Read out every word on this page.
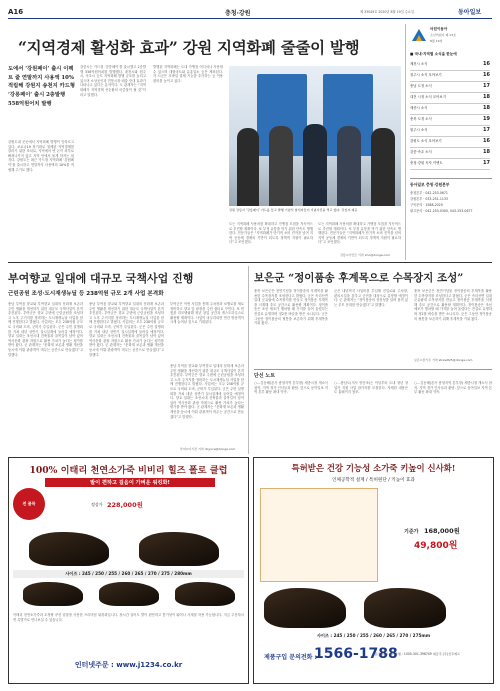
A16	충청·강원	제 33049호 2020년 8월 19일 수요일	동아일보
“지역경제 활성화 효과” 강원 지역화폐 줄줄이 발행
도에서 ‘강원페이’ 출시 이펙트 줄 연말까지 사용액 10% 적립해 강원지 송천지 카드형 ‘강릉페이’ 출시 2층발행 558억원어치 발행
강원도내 곳곳에서 지역화폐 발행이 잇따르고 있다. 코로나19 장기화로 침체된 지역경제를 살리기 위한 조치로, 지역에서 번 돈이 외부로 빠져나가지 않고 지역 안에서 돌게 하자는 취지다. 강원도는 최근 카드형 지역화폐 ‘강원페이’를 출시하고 연말까지 사용액의 10%를 적립해 주기로 했다.
강릉시는 카드형 ‘강릉페이’를 출시했고 2층발행 558억원어치를 발행했다. 춘천시와 원주시, 속초시 등도 지역화폐 발행 규모를 늘리고 있으며 소상공인과 전통시장 매출 증대 효과가 나타나고 있다는 분석이다. 도 관계자는 “지역화폐가 지역경제 선순환의 마중물이 될 것”이라고 말했다.
발행된 지역화폐는 도내 가맹점 어디서나 사용할 수 있으며 대형마트와 유흥업소 등은 제외된다. 각 시군은 모바일 결제 기능을 추가하는 등 이용 편의를 높이고 있다.
강원 강릉시 ‘강릉페이’ 카드를 들고 발행 기념식 참석자들이 기념사진을 찍고 있다. 강릉시 제공
도는 지역화폐 사용처를 확대하고 가맹점 모집을 지속적으로 추진할 계획이다. 또 부정 유통을 막기 위한 단속도 병행한다. 전문가들은 “지역화폐가 단기적 소비 진작을 넘어 지역 공동체 경제의 기반이 되도록 정책적 지원이 필요하다”고 조언했다.
도는 지역화폐 사용처를 확대하고 가맹점 모집을 지속적으로 추진할 계획이다. 또 부정 유통을 막기 위한 단속도 병행한다. 전문가들은 “지역화폐가 단기적 소비 진작을 넘어 지역 공동체 경제의 기반이 되도록 정책적 지원이 필요하다”고 조언했다.
강릉=이인모 기자 imo@donga.com
어린이동아
소년어린이 제 13호
8월 19일
■ 국내·지역별 소식을 한눈에
제천시 소식	16
청주시 소식 모아보기	16
충남 도정 소식	17
대전 시정 소식 모아보기	18
세종시 소식	18
충북 도정 소식	19
원주시 소식	17
강원도 소식 모아보기	16
강릉·속초 소식	18
충청·강원 독자 이벤트	17
동아일보 충청·강원본부
충청본부 · 042-253-0671
강원본부 · 033-251-1133
구독문의 · 1588-2020
광고문의 · 042-253-0300, 043-253-0677
부여향교 일대에 대규모 국책사업 진행
근린공원 조성·도시재생뉴딜 등 238억원 규모 2개 사업 본격화
충남 부여읍 향교와 부여향교 일대의 문화재 보존과 주민 생활을 개선하기 위한 대규모 국책사업이 본격 추진된다. 부여군은 향교 주변에 근린공원을 조성하고 노후 주거지를 정비하는 도시재생뉴딜 사업을 함께 진행한다고 밝혔다. 사업비는 모두 238억원 규모로 국비와 도비, 군비가 투입된다. 군은 주민 설명회를 거쳐 내년 상반기 실시설계에 들어갈 예정이다. 향교 일대는 조선시대 건축물과 골목길이 남아 있어 역사문화 관광 자원으로 활용 가치가 높다는 평가를 받아 왔다. 군 관계자는 “문화재 보존과 생활 개선을 동시에 이뤄 관광객이 머무는 공간으로 만들겠다”고 말했다.
충남 부여읍 향교와 부여향교 일대의 문화재 보존과 주민 생활을 개선하기 위한 대규모 국책사업이 본격 추진된다. 부여군은 향교 주변에 근린공원을 조성하고 노후 주거지를 정비하는 도시재생뉴딜 사업을 함께 진행한다고 밝혔다. 사업비는 모두 238억원 규모로 국비와 도비, 군비가 투입된다. 군은 주민 설명회를 거쳐 내년 상반기 실시설계에 들어갈 예정이다. 향교 일대는 조선시대 건축물과 골목길이 남아 있어 역사문화 관광 자원으로 활용 가치가 높다는 평가를 받아 왔다. 군 관계자는 “문화재 보존과 생활 개선을 동시에 이뤄 관광객이 머무는 공간으로 만들겠다”고 말했다.
부여군은 이번 사업을 통해 주차장과 보행로를 새로 정비하고 향교 앞 광장을 주민 쉼터로 꾸민다. 또 빈집을 리모델링해 청년 창업 공간과 게스트하우스로 활용할 계획이다. 사업이 마무리되면 연간 방문객이 크게 늘어날 것으로 기대된다.
충남 부여읍 향교와 부여향교 일대의 문화재 보존과 주민 생활을 개선하기 위한 대규모 국책사업이 본격 추진된다. 부여군은 향교 주변에 근린공원을 조성하고 노후 주거지를 정비하는 도시재생뉴딜 사업을 함께 진행한다고 밝혔다. 사업비는 모두 238억원 규모로 국비와 도비, 군비가 투입된다. 군은 주민 설명회를 거쳐 내년 상반기 실시설계에 들어갈 예정이다. 향교 일대는 조선시대 건축물과 골목길이 남아 있어 역사문화 관광 자원으로 활용 가치가 높다는 평가를 받아 왔다. 군 관계자는 “문화재 보존과 생활 개선을 동시에 이뤄 관광객이 머무는 공간으로 만들겠다”고 말했다.
부여=이기진 기자 doyoce@donga.com
보은군 “정이품송 후계목으로 수목장지 조성”
충북 보은군은 천연기념물 정이품송의 후계목을 활용한 수목장지를 조성한다고 밝혔다. 군은 속리산면 일대 군유림에 수목장지를 만들고 정이품송 후계목을 식재해 추모 공간으로 활용할 계획이다. 정이품송은 조선 세조가 행차할 때 가지를 들어 올렸다는 전설로 유명하며 정2품 벼슬을 받은 소나무다. 군은 그동안 정이품송의 혈통을 보존하기 위해 후계목을 키워 왔다.
군은 내년까지 사업비를 투입해 진입로와 주차장, 편의시설을 갖추고 군민을 대상으로 분양할 예정이다. 군 관계자는 “정이품송의 상징성을 살려 품격 있는 추모 문화를 만들겠다”고 말했다.
충북 보은군은 천연기념물 정이품송의 후계목을 활용한 수목장지를 조성한다고 밝혔다. 군은 속리산면 일대 군유림에 수목장지를 만들고 정이품송 후계목을 식재해 추모 공간으로 활용할 계획이다. 정이품송은 조선 세조가 행차할 때 가지를 들어 올렸다는 전설로 유명하며 정2품 벼슬을 받은 소나무다. 군은 그동안 정이품송의 혈통을 보존하기 위해 후계목을 키워 왔다.
보은=장기우 기자 straw825@donga.com
단신 노트
○…김동배(본사 충청지역 본부장) 세종시청 개소식 참석. 지역 정가 인사들과 환담. 앞으로 동아일보 지역 본부 활동 확대 약속.
○…충남도(지사 양승조)는 이달부터 도내 청년 창업가 지원 사업 참가자를 모집한다. 자세한 내용은 도 홈페이지 참조.
○…김동배(본사 충청지역 본부장) 세종시청 개소식 참석. 지역 정가 인사들과 환담. 앞으로 동아일보 지역 본부 활동 확대 약속.
100% 이태리 천연소가죽 비비리 힐즈 폴로 클럽
발이 편하고 걸음이 가벼운 워킹화!
전 품목	정상가 228,000원
사이즈 : 245 / 250 / 255 / 260 / 265 / 270 / 275 / 280mm
이태리 천연소가죽과 초경량 쿠션 밑창을 사용한 프리미엄 워킹화입니다. 장시간 걸어도 발이 편안하고 통기성이 뛰어나 사계절 착용 가능합니다. 지금 주문하시면 특별가로 만나보실 수 있습니다.
인터넷주문 : www.j1234.co.kr
특허받은 건강 기능성 소가죽 키높이 신사화!
인체공학적 설계 / 특허원단 / 키높이 효과
기준가 168,000원
49,800원
사이즈 : 245 / 250 / 255 / 260 / 265 / 270 / 275mm
제품구입 문의전화 :
1566-1788
입금계좌 / 우리은행 : 1005-301-396749 예금주 (주)진주에프
